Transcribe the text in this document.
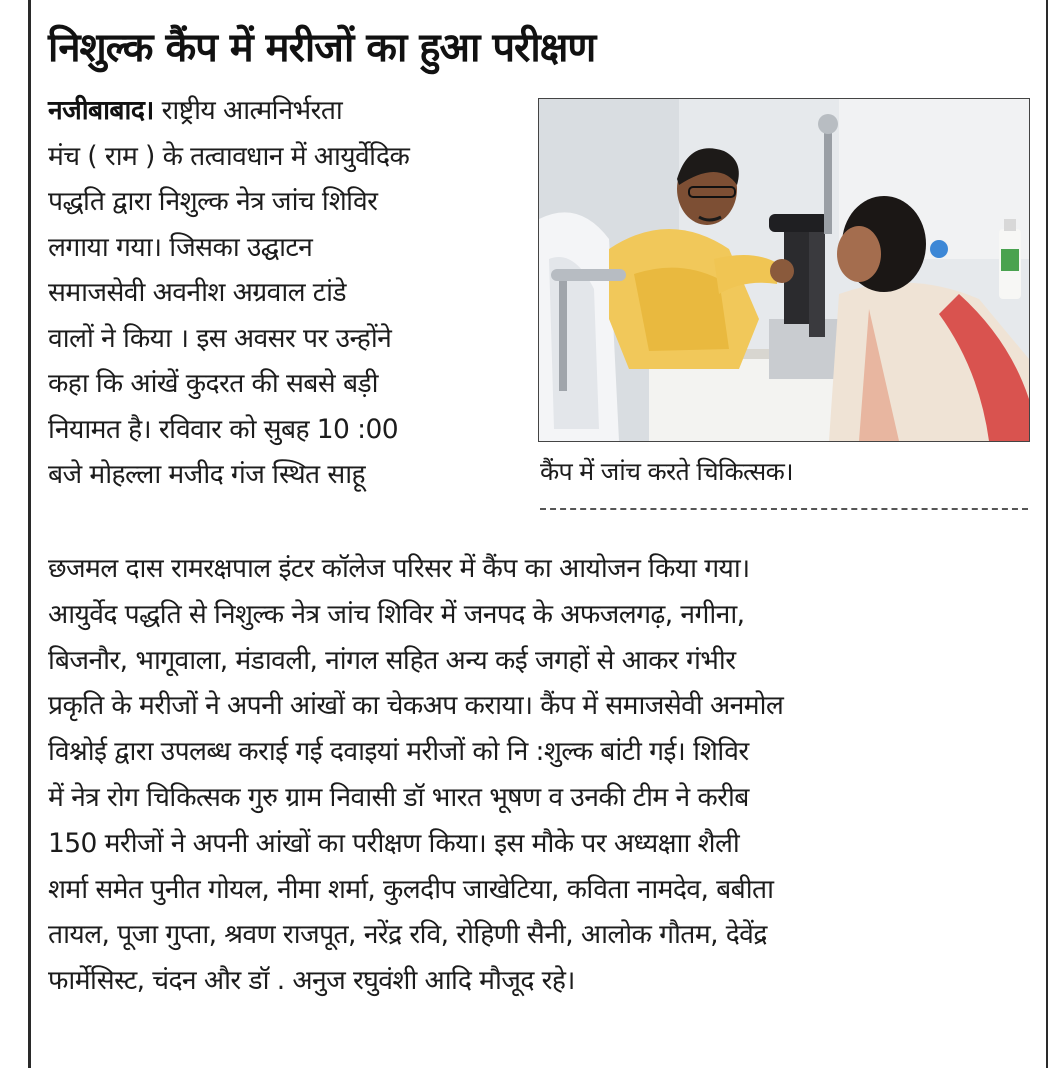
निशुल्क कैंप में मरीजों का हुआ परीक्षण
नजीबाबाद। राष्ट्रीय आत्मनिर्भरता
मंच ( राम ) के तत्वावधान में आयुर्वेदिक
पद्धति द्वारा निशुल्क नेत्र जांच शिविर
लगाया गया। जिसका उद्घाटन
समाजसेवी अवनीश अग्रवाल टांडे
वालों ने किया । इस अवसर पर उन्होंने
कहा कि आंखें कुदरत की सबसे बड़ी
नियामत है। रविवार को सुबह 10 :00
बजे मोहल्ला मजीद गंज स्थित साहू	कैंप में जांच करते चिकित्सक।
छजमल दास रामरक्षपाल इंटर कॉलेज परिसर में कैंप का आयोजन किया गया।
आयुर्वेद पद्धति से निशुल्क नेत्र जांच शिविर में जनपद के अफजलगढ़, नगीना,
बिजनौर, भागूवाला, मंडावली, नांगल सहित अन्य कई जगहों से आकर गंभीर
प्रकृति के मरीजों ने अपनी आंखों का चेकअप कराया। कैंप में समाजसेवी अनमोल
विश्नोई द्वारा उपलब्ध कराई गई दवाइयां मरीजों को नि :शुल्क बांटी गई। शिविर
में नेत्र रोग चिकित्सक गुरु ग्राम निवासी डॉ भारत भूषण व उनकी टीम ने करीब
150 मरीजों ने अपनी आंखों का परीक्षण किया। इस मौके पर अध्यक्षाा शैली
शर्मा समेत पुनीत गोयल, नीमा शर्मा, कुलदीप जाखेटिया, कविता नामदेव, बबीता
तायल, पूजा गुप्ता, श्रवण राजपूत, नरेंद्र रवि, रोहिणी सैनी, आलोक गौतम, देवेंद्र
फार्मेसिस्ट, चंदन और डॉ . अनुज रघुवंशी आदि मौजूद रहे।
